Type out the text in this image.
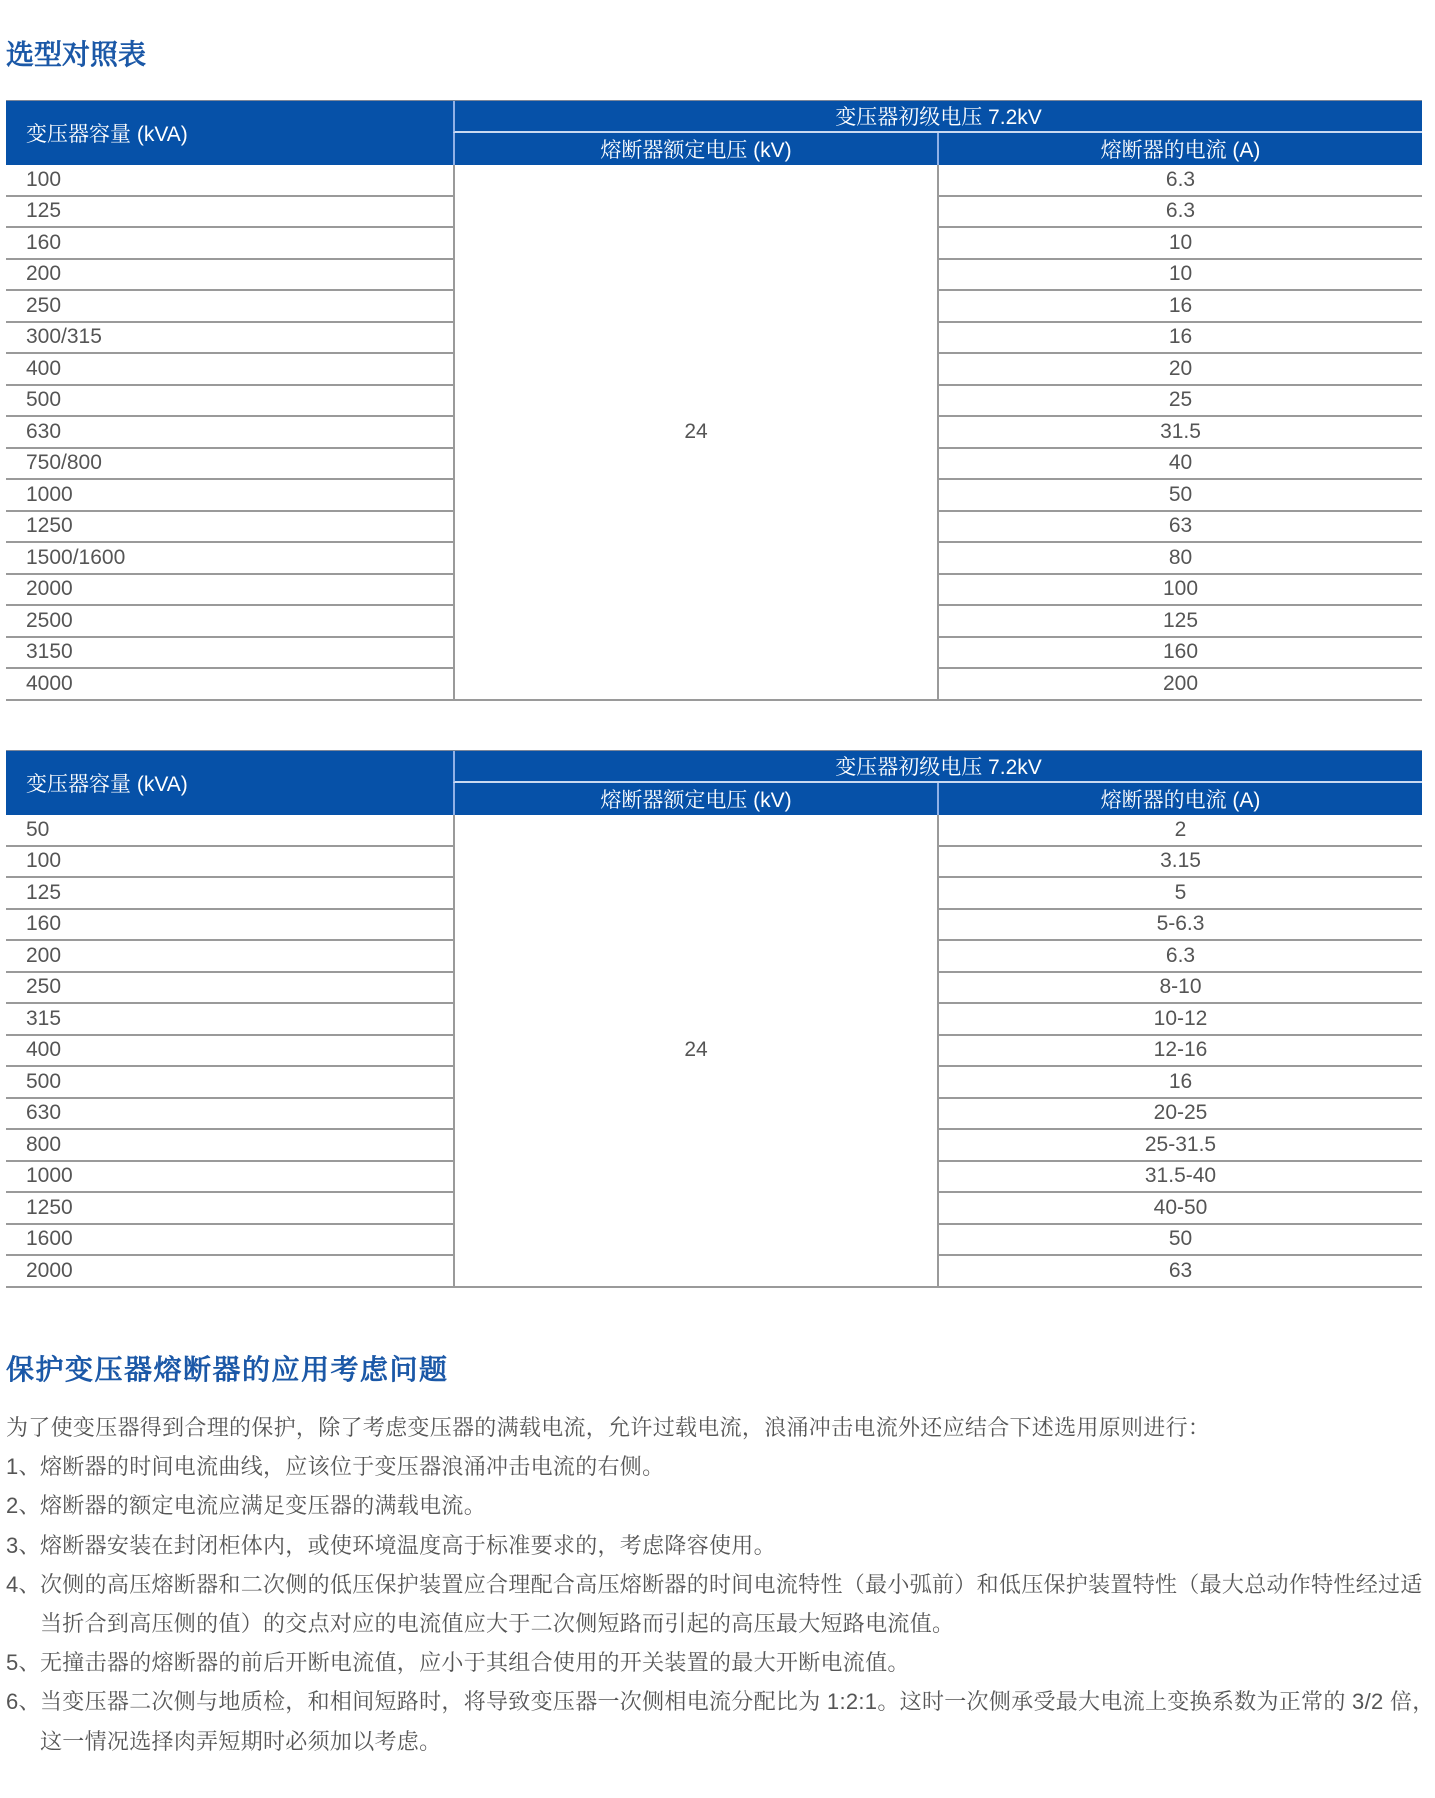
选型对照表
变压器容量 (kVA)
变压器初级电压 7.2kV
熔断器额定电压 (kV)	熔断器的电流 (A)
24
100	6.3
125	6.3
160	10
200	10
250	16
300/315	16
400	20
500	25
630	31.5
750/800	40
1000	50
1250	63
1500/1600	80
2000	100
2500	125
3150	160
4000	200
变压器容量 (kVA)
变压器初级电压 7.2kV
熔断器额定电压 (kV)	熔断器的电流 (A)
24
50	2
100	3.15
125	5
160	5-6.3
200	6.3
250	8-10
315	10-12
400	12-16
500	16
630	20-25
800	25-31.5
1000	31.5-40
1250	40-50
1600	50
2000	63
保护变压器熔断器的应用考虑问题
为了使变压器得到合理的保护，除了考虑变压器的满载电流，允许过载电流，浪涌冲击电流外还应结合下述选用原则进行：
1、 熔断器的时间电流曲线，应该位于变压器浪涌冲击电流的右侧。
2、 熔断器的额定电流应满足变压器的满载电流。
3、 熔断器安装在封闭柜体内，或使环境温度高于标准要求的，考虑降容使用。
4、 次侧的高压熔断器和二次侧的低压保护装置应合理配合高压熔断器的时间电流特性（最小弧前）和低压保护装置特性（最大总动作特性经过适
当折合到高压侧的值）的交点对应的电流值应大于二次侧短路而引起的高压最大短路电流值。
5、 无撞击器的熔断器的前后开断电流值，应小于其组合使用的开关装置的最大开断电流值。
6、 当变压器二次侧与地质检，和相间短路时，将导致变压器一次侧相电流分配比为 1:2:1。这时一次侧承受最大电流上变换系数为正常的 3/2 倍，
这一情况选择肉弄短期时必须加以考虑。
